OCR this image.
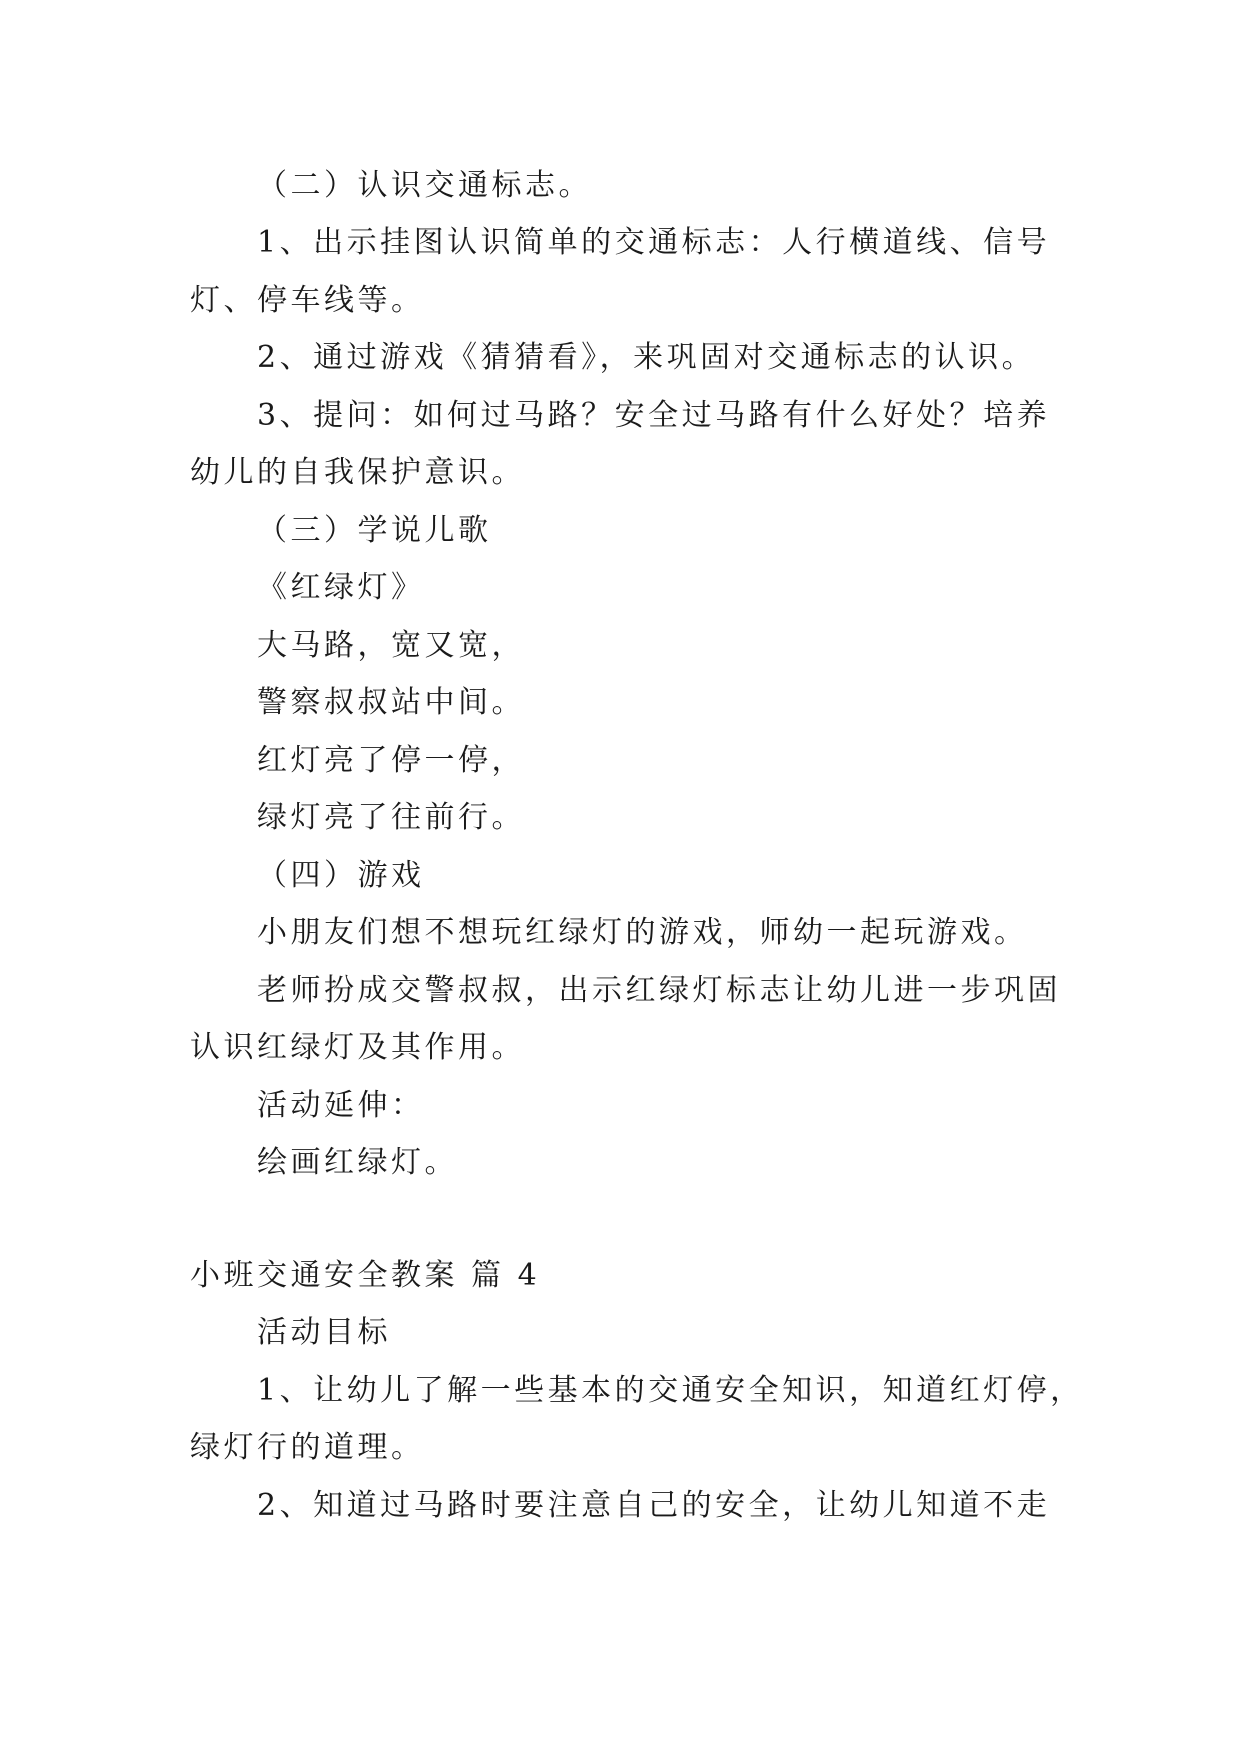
（二）认识交通标志。

1、出示挂图认识简单的交通标志：人行横道线、信号

灯、停车线等。

2、通过游戏《猜猜看》，来巩固对交通标志的认识。

3、提问：如何过马路？安全过马路有什么好处？培养

幼儿的自我保护意识。

（三）学说儿歌

《红绿灯》

大马路，宽又宽，

警察叔叔站中间。

红灯亮了停一停，

绿灯亮了往前行。

（四）游戏

小朋友们想不想玩红绿灯的游戏，师幼一起玩游戏。

老师扮成交警叔叔，出示红绿灯标志让幼儿进一步巩固

认识红绿灯及其作用。

活动延伸：

绘画红绿灯。

小班交通安全教案 篇 4

活动目标

1、让幼儿了解一些基本的交通安全知识，知道红灯停，

绿灯行的道理。

2、知道过马路时要注意自己的安全，让幼儿知道不走
